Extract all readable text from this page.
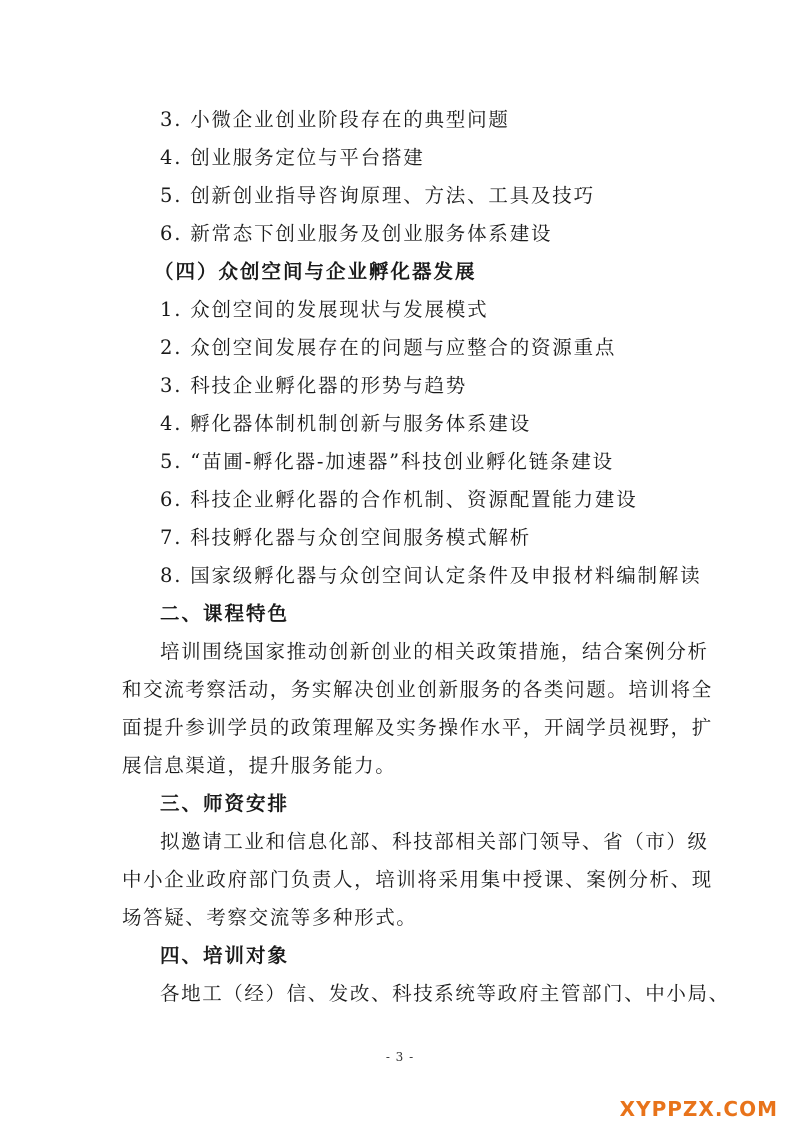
3. 小微企业创业阶段存在的典型问题
4. 创业服务定位与平台搭建
5. 创新创业指导咨询原理、方法、工具及技巧
6. 新常态下创业服务及创业服务体系建设
（四）众创空间与企业孵化器发展
1. 众创空间的发展现状与发展模式
2. 众创空间发展存在的问题与应整合的资源重点
3. 科技企业孵化器的形势与趋势
4. 孵化器体制机制创新与服务体系建设
5. “苗圃-孵化器-加速器”科技创业孵化链条建设
6. 科技企业孵化器的合作机制、资源配置能力建设
7. 科技孵化器与众创空间服务模式解析
8. 国家级孵化器与众创空间认定条件及申报材料编制解读
二、课程特色
培训围绕国家推动创新创业的相关政策措施，结合案例分析
和交流考察活动，务实解决创业创新服务的各类问题。培训将全
面提升参训学员的政策理解及实务操作水平，开阔学员视野，扩
展信息渠道，提升服务能力。
三、师资安排
拟邀请工业和信息化部、科技部相关部门领导、省（市）级
中小企业政府部门负责人，培训将采用集中授课、案例分析、现
场答疑、考察交流等多种形式。
四、培训对象
各地工（经）信、发改、科技系统等政府主管部门、中小局、
- 3 -
XYPPZX.COM
